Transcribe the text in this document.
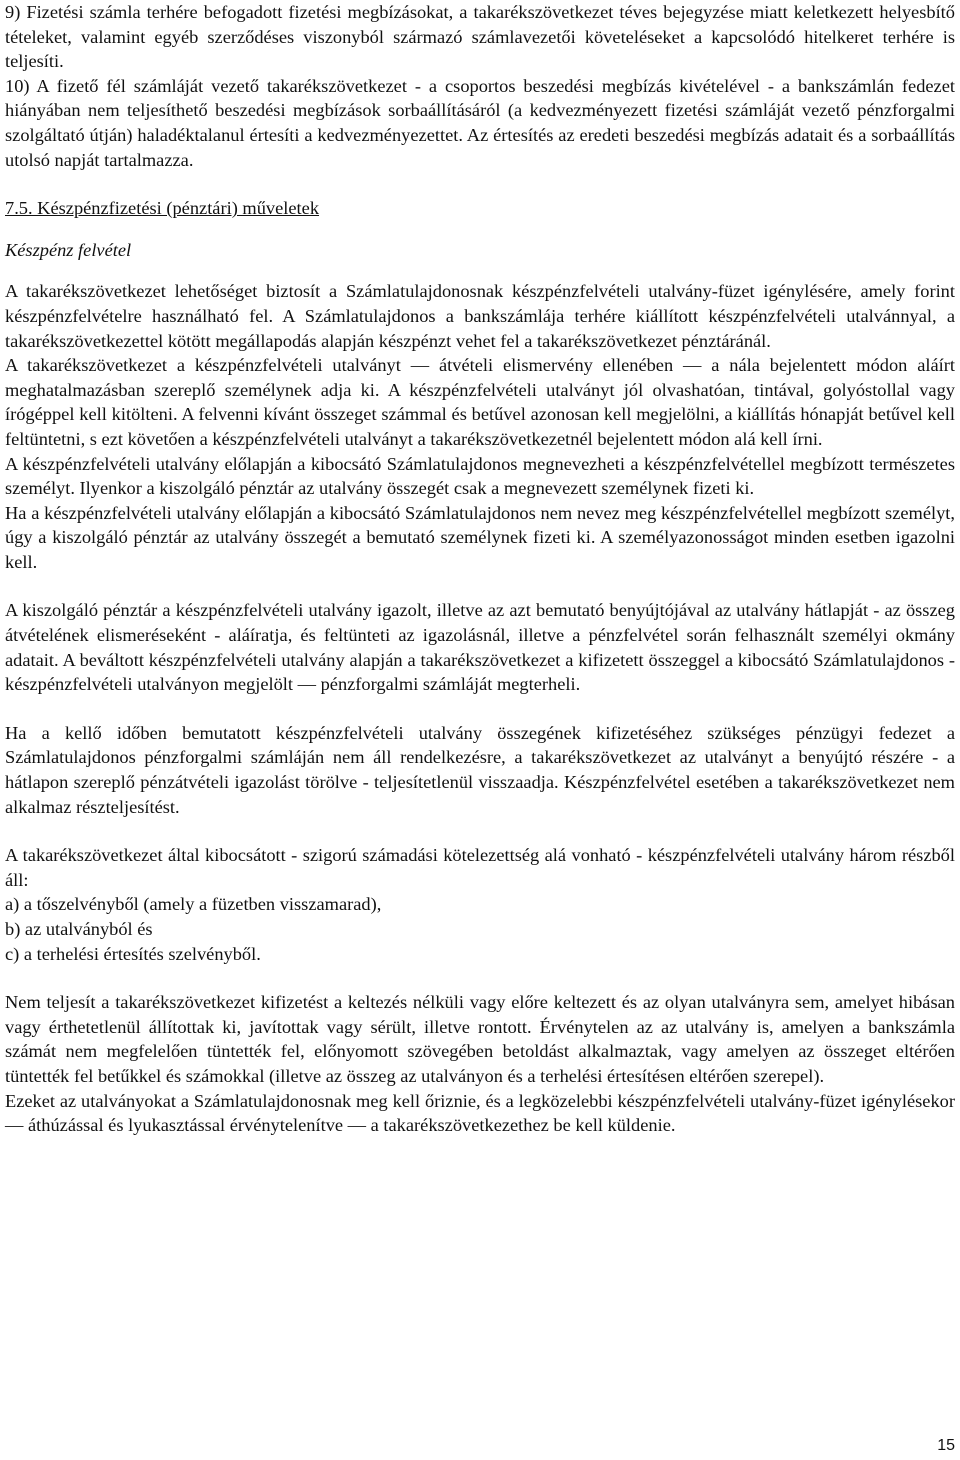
9) Fizetési számla terhére befogadott fizetési megbízásokat, a takarékszövetkezet téves bejegyzése miatt keletkezett helyesbítő tételeket, valamint egyéb szerződéses viszonyból származó számlavezetői követeléseket a kapcsolódó hitelkeret terhére is teljesíti.

10) A fizető fél számláját vezető takarékszövetkezet - a csoportos beszedési megbízás kivételével - a bankszámlán fedezet hiányában nem teljesíthető beszedési megbízások sorbaállításáról (a kedvezményezett fizetési számláját vezető pénzforgalmi szolgáltató útján) haladéktalanul értesíti a kedvezményezettet. Az értesítés az eredeti beszedési megbízás adatait és a sorbaállítás utolsó napját tartalmazza.

7.5. Készpénzfizetési (pénztári) műveletek

Készpénz felvétel

A takarékszövetkezet lehetőséget biztosít a Számlatulajdonosnak készpénzfelvételi utalvány-füzet igénylésére, amely forint készpénzfelvételre használható fel. A Számlatulajdonos a bankszámlája terhére kiállított készpénzfelvételi utalvánnyal, a takarékszövetkezettel kötött megállapodás alapján készpénzt vehet fel a takarékszövetkezet pénztáránál.

A takarékszövetkezet a készpénzfelvételi utalványt — átvételi elismervény ellenében — a nála bejelentett módon aláírt meghatalmazásban szereplő személynek adja ki. A készpénzfelvételi utalványt jól olvashatóan, tintával, golyóstollal vagy írógéppel kell kitölteni. A felvenni kívánt összeget számmal és betűvel azonosan kell megjelölni, a kiállítás hónapját betűvel kell feltüntetni, s ezt követően a készpénzfelvételi utalványt a takarékszövetkezetnél bejelentett módon alá kell írni.

A készpénzfelvételi utalvány előlapján a kibocsátó Számlatulajdonos megnevezheti a készpénzfelvétellel megbízott természetes személyt. Ilyenkor a kiszolgáló pénztár az utalvány összegét csak a megnevezett személynek fizeti ki.

Ha a készpénzfelvételi utalvány előlapján a kibocsátó Számlatulajdonos nem nevez meg készpénzfelvétellel megbízott személyt, úgy a kiszolgáló pénztár az utalvány összegét a bemutató személynek fizeti ki. A személyazonosságot minden esetben igazolni kell.

A kiszolgáló pénztár a készpénzfelvételi utalvány igazolt, illetve az azt bemutató benyújtójával az utalvány hátlapját - az összeg átvételének elismeréseként - aláíratja, és feltünteti az igazolásnál, illetve a pénzfelvétel során felhasznált személyi okmány adatait. A beváltott készpénzfelvételi utalvány alapján a takarékszövetkezet a kifizetett összeggel a kibocsátó Számlatulajdonos - készpénzfelvételi utalványon megjelölt — pénzforgalmi számláját megterheli.

Ha a kellő időben bemutatott készpénzfelvételi utalvány összegének kifizetéséhez szükséges pénzügyi fedezet a Számlatulajdonos pénzforgalmi számláján nem áll rendelkezésre, a takarékszövetkezet az utalványt a benyújtó részére - a hátlapon szereplő pénzátvételi igazolást törölve - teljesítetlenül visszaadja. Készpénzfelvétel esetében a takarékszövetkezet nem alkalmaz részteljesítést.

A takarékszövetkezet által kibocsátott - szigorú számadási kötelezettség alá vonható - készpénzfelvételi utalvány három részből áll:

a) a tőszelvényből (amely a füzetben visszamarad),
b) az utalványból és
c) a terhelési értesítés szelvényből.

Nem teljesít a takarékszövetkezet kifizetést a keltezés nélküli vagy előre keltezett és az olyan utalványra sem, amelyet hibásan vagy érthetetlenül állítottak ki, javítottak vagy sérült, illetve rontott. Érvénytelen az az utalvány is, amelyen a bankszámla számát nem megfelelően tüntették fel, előnyomott szövegében betoldást alkalmaztak, vagy amelyen az összeget eltérően tüntették fel betűkkel és számokkal (illetve az összeg az utalványon és a terhelési értesítésen eltérően szerepel).

Ezeket az utalványokat a Számlatulajdonosnak meg kell őriznie, és a legközelebbi készpénzfelvételi utalvány-füzet igénylésekor — áthúzással és lyukasztással érvénytelenítve — a takarékszövetkezethez be kell küldenie.

15
